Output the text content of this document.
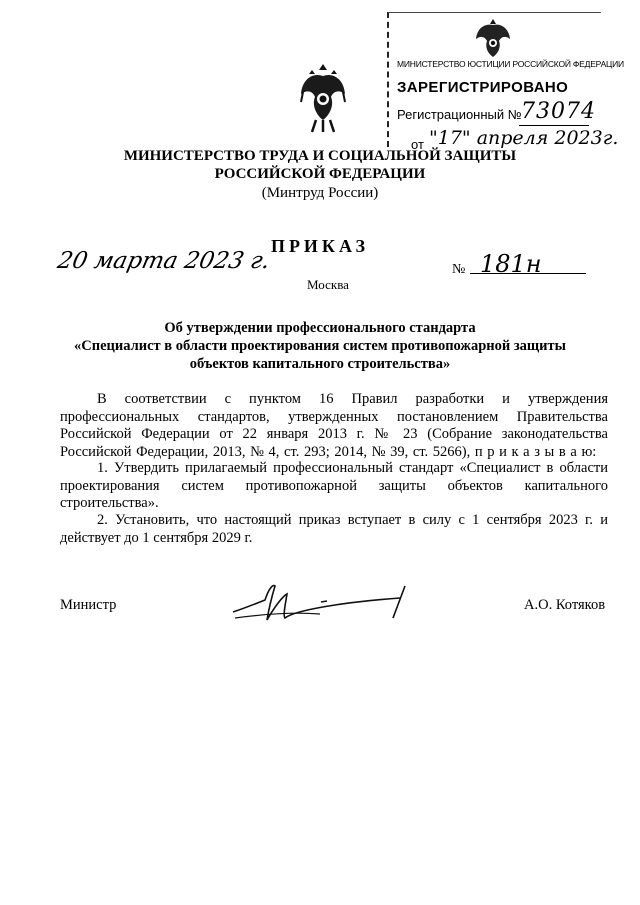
МИНИСТЕРСТВО ЮСТИЦИИ РОССИЙСКОЙ ФЕДЕРАЦИИ
ЗАРЕГИСТРИРОВАНО
Регистрационный № 73074
от "17" апреля 2023г.
МИНИСТЕРСТВО ТРУДА И СОЦИАЛЬНОЙ ЗАЩИТЫ
РОССИЙСКОЙ ФЕДЕРАЦИИ
(Минтруд России)
ПРИКАЗ
20 марта 2023 г.	№ 181н
Москва
Об утверждении профессионального стандарта
«Специалист в области проектирования систем противопожарной защиты
объектов капитального строительства»
В соответствии с пунктом 16 Правил разработки и утверждения профессиональных стандартов, утвержденных постановлением Правительства Российской Федерации от 22 января 2013 г. № 23 (Собрание законодательства Российской Федерации, 2013, № 4, ст. 293; 2014, № 39, ст. 5266), п р и к а з ы в а ю:
1. Утвердить прилагаемый профессиональный стандарт «Специалист в области проектирования систем противопожарной защиты объектов капитального строительства».
2. Установить, что настоящий приказ вступает в силу с 1 сентября 2023 г. и действует до 1 сентября 2029 г.
Министр	А.О. Котяков
